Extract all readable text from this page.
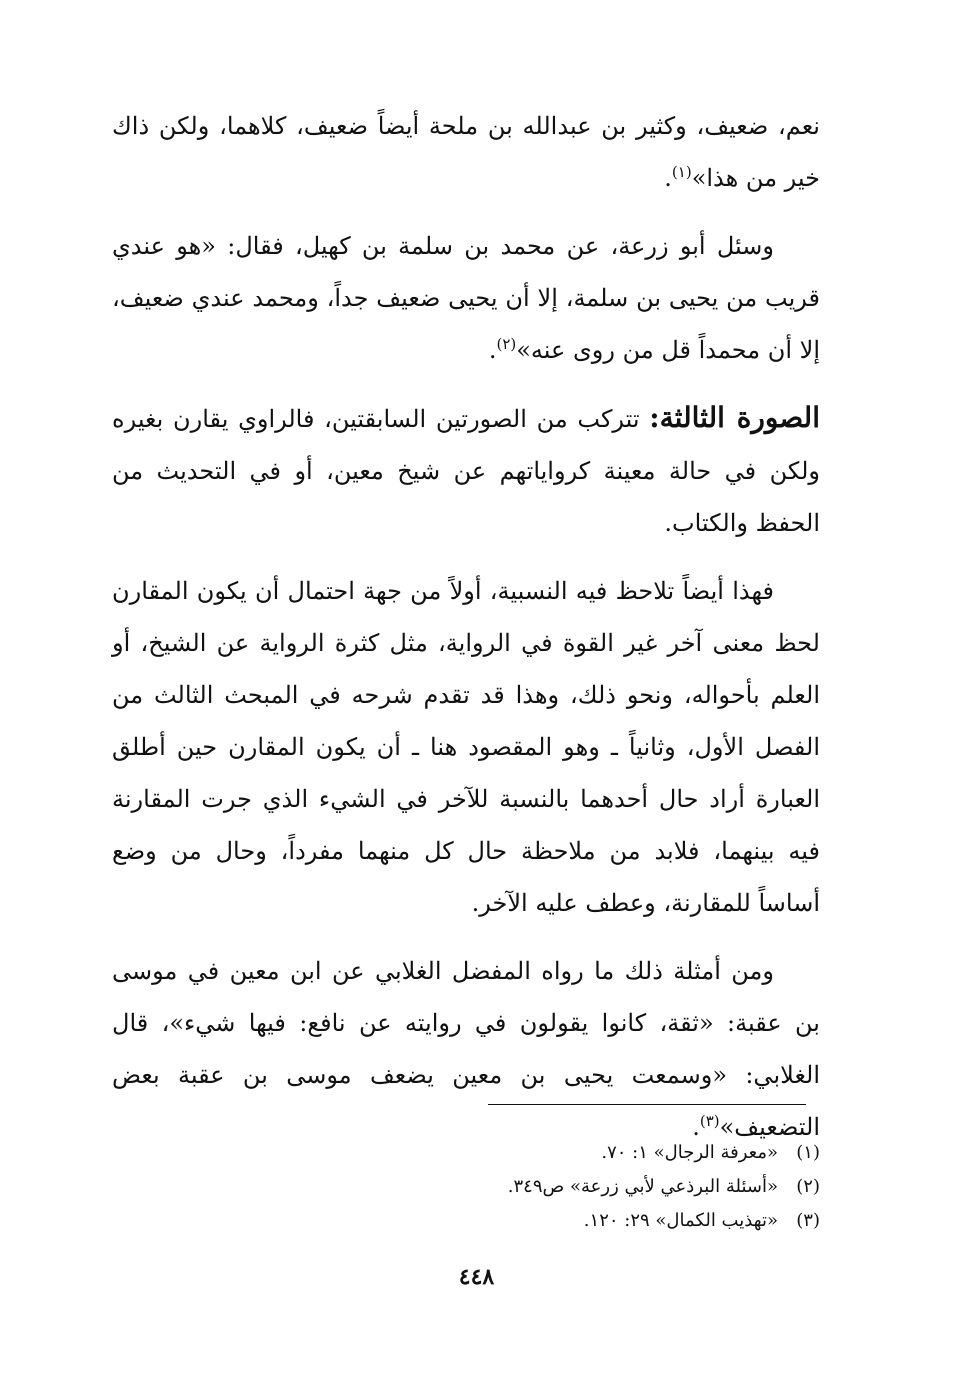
نعم، ضعيف، وكثير بن عبدالله بن ملحة أيضاً ضعيف، كلاهما، ولكن ذاك خير من هذا»$^{(١)}$.

وسئل أبو زرعة، عن محمد بن سلمة بن كهيل، فقال: «هو عندي قريب من يحيى بن سلمة، إلا أن يحيى ضعيف جداً، ومحمد عندي ضعيف، إلا أن محمداً قل من روى عنه»$^{(٢)}$.

الصورة الثالثة: تتركب من الصورتين السابقتين، فالراوي يقارن بغيره ولكن في حالة معينة كرواياتهم عن شيخ معين، أو في التحديث من الحفظ والكتاب.

فهذا أيضاً تلاحظ فيه النسبية، أولاً من جهة احتمال أن يكون المقارن لحظ معنى آخر غير القوة في الرواية، مثل كثرة الرواية عن الشيخ، أو العلم بأحواله، ونحو ذلك، وهذا قد تقدم شرحه في المبحث الثالث من الفصل الأول، وثانياً ـ وهو المقصود هنا ـ أن يكون المقارن حين أطلق العبارة أراد حال أحدهما بالنسبة للآخر في الشيء الذي جرت المقارنة فيه بينهما، فلابد من ملاحظة حال كل منهما مفرداً، وحال من وضع أساساً للمقارنة، وعطف عليه الآخر.

ومن أمثلة ذلك ما رواه المفضل الغلابي عن ابن معين في موسى بن عقبة: «ثقة، كانوا يقولون في روايته عن نافع: فيها شيء»، قال الغلابي: «وسمعت يحيى بن معين يضعف موسى بن عقبة بعض التضعيف»$^{(٣)}$.

(١)«معرفة الرجال» ١: ٧٠.
(٢)«أسئلة البرذعي لأبي زرعة» ص٣٤٩.
(٣)«تهذيب الكمال» ٢٩: ١٢٠.
٤٤٨
